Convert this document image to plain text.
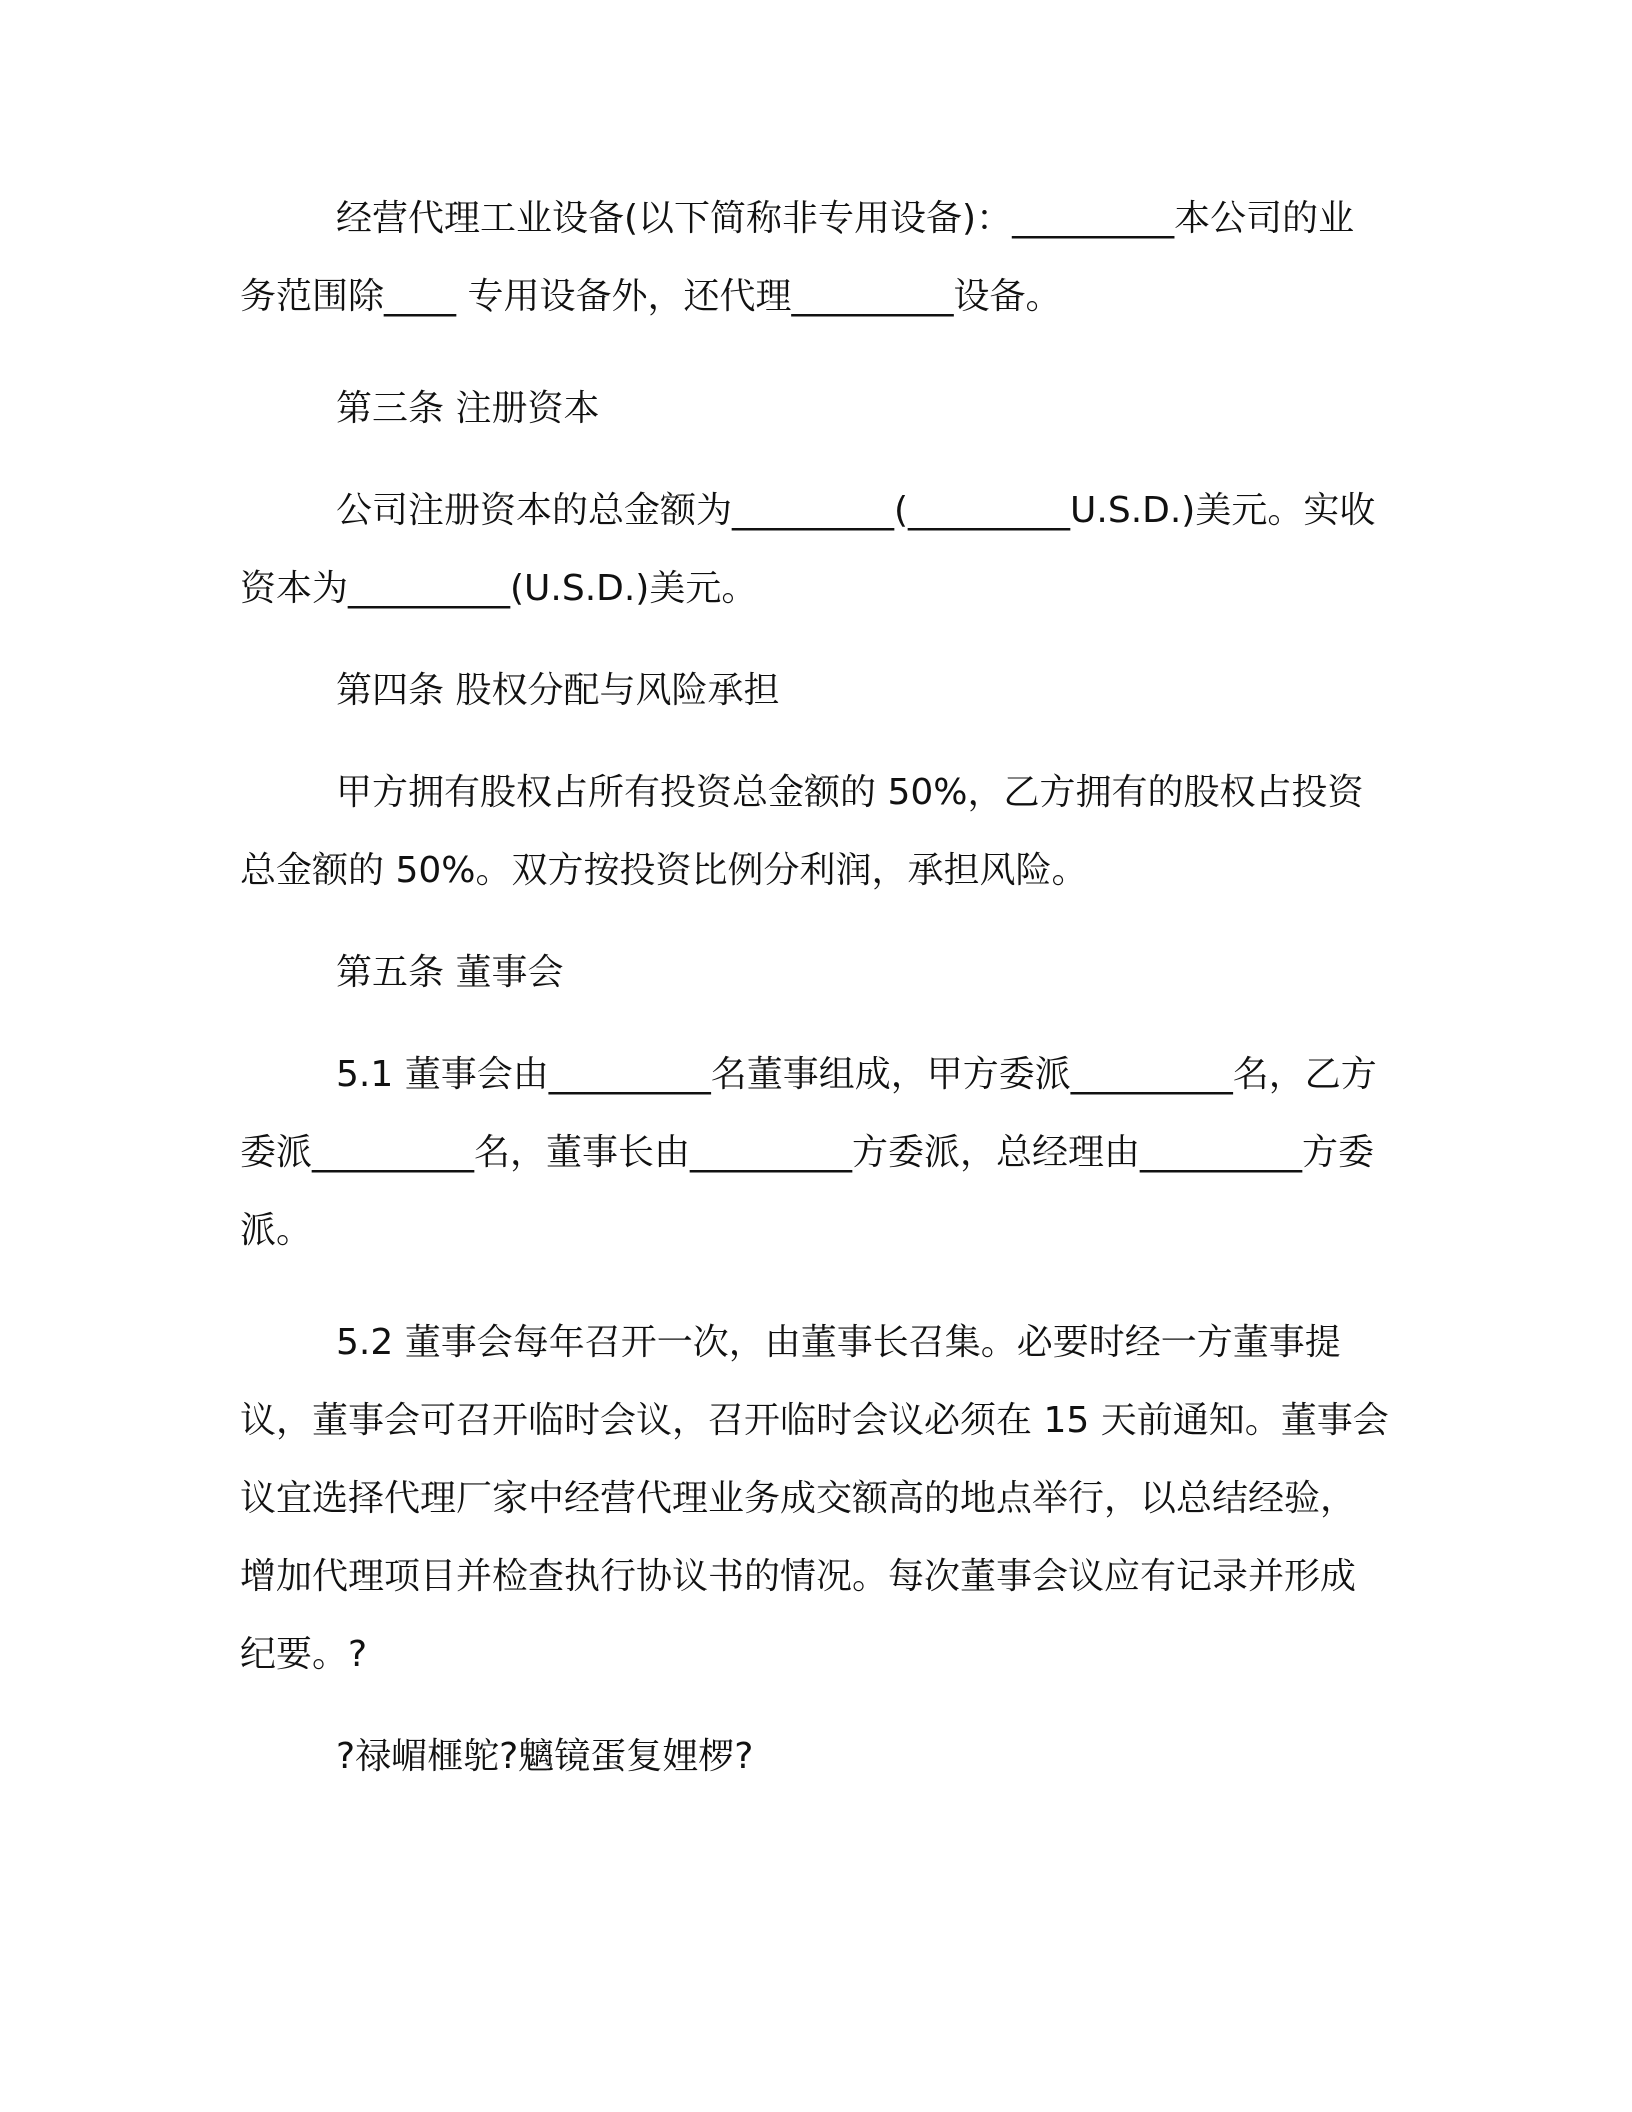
经营代理工业设备(以下简称非专用设备)：_________本公司的业务范围除____ 专用设备外，还代理_________设备。

第三条 注册资本

公司注册资本的总金额为_________(_________U.S.D.)美元。实收资本为_________(U.S.D.)美元。

第四条 股权分配与风险承担

甲方拥有股权占所有投资总金额的 50%，乙方拥有的股权占投资总金额的 50%。双方按投资比例分利润，承担风险。

第五条 董事会

5.1 董事会由_________名董事组成，甲方委派_________名，乙方委派_________名，董事长由_________方委派，总经理由_________方委派。

5.2 董事会每年召开一次，由董事长召集。必要时经一方董事提议，董事会可召开临时会议，召开临时会议必须在 15 天前通知。董事会议宜选择代理厂家中经营代理业务成交额高的地点举行，以总结经验，增加代理项目并检查执行协议书的情况。每次董事会议应有记录并形成纪要。?

?禄嵋榧鸵?魑镜蛋复娌椤?
